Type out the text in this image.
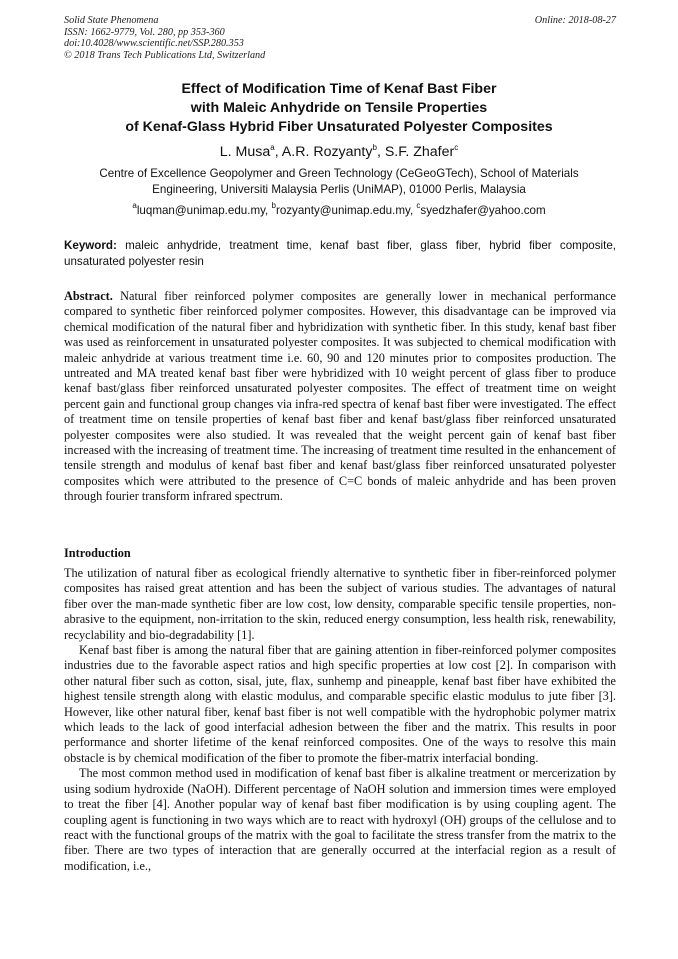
Solid State Phenomena
ISSN: 1662-9779, Vol. 280, pp 353-360
doi:10.4028/www.scientific.net/SSP.280.353
© 2018 Trans Tech Publications Ltd, Switzerland
Online: 2018-08-27
Effect of Modification Time of Kenaf Bast Fiber
with Maleic Anhydride on Tensile Properties
of Kenaf-Glass Hybrid Fiber Unsaturated Polyester Composites
L. Musa$^a$, A.R. Rozyanty$^b$, S.F. Zhafer$^c$
Centre of Excellence Geopolymer and Green Technology (CeGeoGTech), School of Materials
Engineering, Universiti Malaysia Perlis (UniMAP), 01000 Perlis, Malaysia
$^a$luqman@unimap.edu.my, $^b$rozyanty@unimap.edu.my, $^c$syedzhafer@yahoo.com
Keyword: maleic anhydride, treatment time, kenaf bast fiber, glass fiber, hybrid fiber composite, unsaturated polyester resin
Abstract. Natural fiber reinforced polymer composites are generally lower in mechanical performance compared to synthetic fiber reinforced polymer composites. However, this disadvantage can be improved via chemical modification of the natural fiber and hybridization with synthetic fiber. In this study, kenaf bast fiber was used as reinforcement in unsaturated polyester composites. It was subjected to chemical modification with maleic anhydride at various treatment time i.e. 60, 90 and 120 minutes prior to composites production. The untreated and MA treated kenaf bast fiber were hybridized with 10 weight percent of glass fiber to produce kenaf bast/glass fiber reinforced unsaturated polyester composites. The effect of treatment time on weight percent gain and functional group changes via infra-red spectra of kenaf bast fiber were investigated. The effect of treatment time on tensile properties of kenaf bast fiber and kenaf bast/glass fiber reinforced unsaturated polyester composites were also studied. It was revealed that the weight percent gain of kenaf bast fiber increased with the increasing of treatment time. The increasing of treatment time resulted in the enhancement of tensile strength and modulus of kenaf bast fiber and kenaf bast/glass fiber reinforced unsaturated polyester composites which were attributed to the presence of C=C bonds of maleic anhydride and has been proven through fourier transform infrared spectrum.
Introduction

The utilization of natural fiber as ecological friendly alternative to synthetic fiber in fiber-reinforced polymer composites has raised great attention and has been the subject of various studies. The advantages of natural fiber over the man-made synthetic fiber are low cost, low density, comparable specific tensile properties, non-abrasive to the equipment, non-irritation to the skin, reduced energy consumption, less health risk, renewability, recyclability and bio-degradability [1].

Kenaf bast fiber is among the natural fiber that are gaining attention in fiber-reinforced polymer composites industries due to the favorable aspect ratios and high specific properties at low cost [2]. In comparison with other natural fiber such as cotton, sisal, jute, flax, sunhemp and pineapple, kenaf bast fiber have exhibited the highest tensile strength along with elastic modulus, and comparable specific elastic modulus to jute fiber [3]. However, like other natural fiber, kenaf bast fiber is not well compatible with the hydrophobic polymer matrix which leads to the lack of good interfacial adhesion between the fiber and the matrix. This results in poor performance and shorter lifetime of the kenaf reinforced composites. One of the ways to resolve this main obstacle is by chemical modification of the fiber to promote the fiber-matrix interfacial bonding.

The most common method used in modification of kenaf bast fiber is alkaline treatment or mercerization by using sodium hydroxide (NaOH). Different percentage of NaOH solution and immersion times were employed to treat the fiber [4]. Another popular way of kenaf bast fiber modification is by using coupling agent. The coupling agent is functioning in two ways which are to react with hydroxyl (OH) groups of the cellulose and to react with the functional groups of the matrix with the goal to facilitate the stress transfer from the matrix to the fiber. There are two types of interaction that are generally occurred at the interfacial region as a result of modification, i.e.,
